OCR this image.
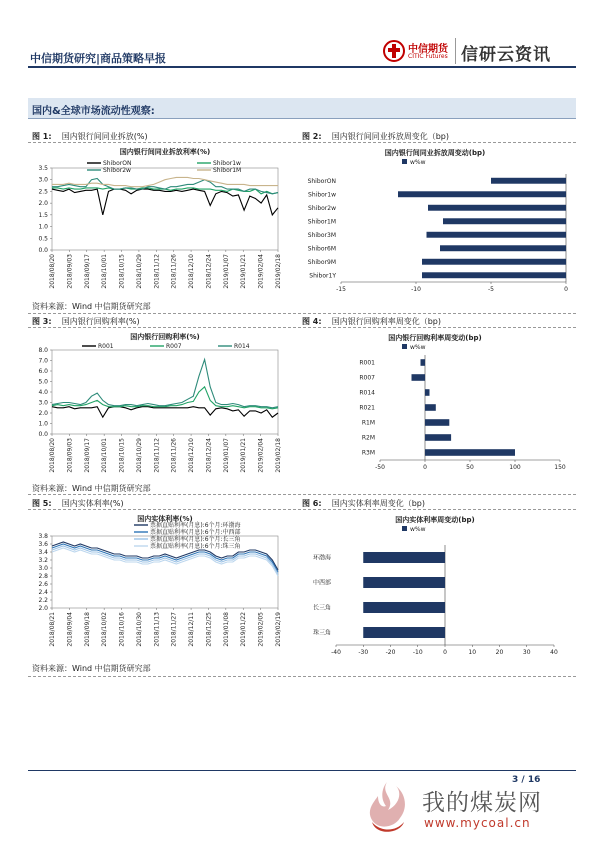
中信期货研究|商品策略早报
中信期货
CITIC Futures 信研云资讯
国内&全球市场流动性观察:
图 1: 国内银行间同业拆放(%)	图 2: 国内银行间同业拆放周变化（bp)
国内银行间同业拆放利率(%)
0.0
0.5
1.0
1.5
2.0
2.5
3.0
3.5
2018/08/20 2018/09/03 2018/09/17 2018/10/01 2018/10/15 2018/10/29 2018/11/12 2018/11/26 2018/12/10 2018/12/24 2019/01/07 2019/01/21 2019/02/04 2019/02/18
ShiborON	Shibor1w
Shibor2w	Shibor1M
国内银行间同业拆放周变动(bp)
w%w
-15	-10	-5	0
ShiborON
Shibor1w
Shibor2w
Shibor1M
Shibor3M
Shibor6M
Shibor9M
Shibor1Y
资料来源：Wind 中信期货研究部
图 3: 国内银行回购利率(%)	图 4: 国内银行回购利率周变化（bp)
国内银行回购利率(%)
0.0
1.0
2.0
3.0
4.0
5.0
6.0
7.0
8.0
2018/08/20 2018/09/03 2018/09/17 2018/10/01 2018/10/15 2018/10/29 2018/11/12 2018/11/26 2018/12/10 2018/12/24 2019/01/07 2019/01/21 2019/02/04 2019/02/18
R001	R007	R014
国内银行回购利率周变动(bp)
w%w
-50	0	50	100	150
R001
R007
R014
R021
R1M
R2M
R3M
资料来源：Wind 中信期货研究部
图 5: 国内实体利率(%)	图 6: 国内实体利率周变化（bp)
国内实体利率(%)
2.0
2.2
2.4
2.6
2.8
3.0
3.2
3.4
3.6
3.8
2018/08/21 2018/09/04 2018/09/18 2018/10/02 2018/10/16 2018/10/30 2018/11/13 2018/11/27 2018/12/11 2018/12/25 2019/01/08 2019/01/22 2019/02/05 2019/02/19
票据直贴利率(月息):6个月:环渤海
票据直贴利率(月息):6个月:中西部
票据直贴利率(月息):6个月:长三角
票据直贴利率(月息):6个月:珠三角
国内实体利率周变动(bp)
w%w
-40	-30	-20	-10	0	10	20	30	40
环渤海
中西部
长三角
珠三角
资料来源：Wind 中信期货研究部
3 / 16
我的煤炭网
www.mycoal.cn
